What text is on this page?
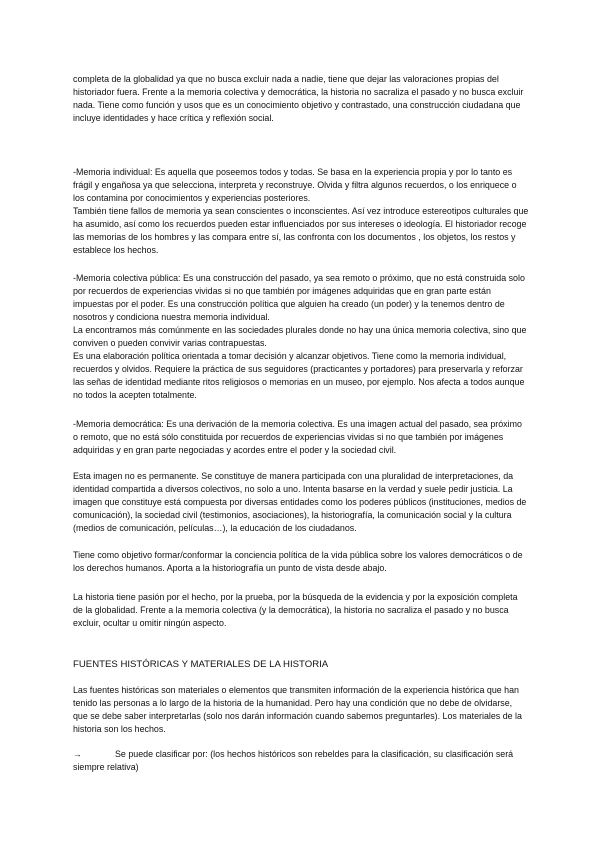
completa de la globalidad ya que no busca excluir nada a nadie, tiene que dejar las valoraciones propias del historiador fuera. Frente a la memoria colectiva y democrática, la historia no sacraliza el pasado y no busca excluir nada. Tiene como función y usos que es un conocimiento objetivo y contrastado, una construcción ciudadana que incluye identidades y hace crítica y reflexión social.

-Memoria individual: Es aquella que poseemos todos y todas. Se basa en la experiencia propia y por lo tanto es frágil y engañosa ya que selecciona, interpreta y reconstruye. Olvida y filtra algunos recuerdos, o los enriquece o los contamina por conocimientos y experiencias posteriores.

También tiene fallos de memoria ya sean conscientes o inconscientes. Así vez introduce estereotipos culturales que ha asumido, así como los recuerdos pueden estar influenciados por sus intereses o ideología. El historiador recoge las memorias de los hombres y las compara entre sí, las confronta con los documentos , los objetos, los restos y establece los hechos.

-Memoria colectiva pública: Es una construcción del pasado, ya sea remoto o próximo, que no está construida solo por recuerdos de experiencias vividas si no que también por imágenes adquiridas que en gran parte están impuestas por el poder. Es una construcción política que alguien ha creado (un poder) y la tenemos dentro de nosotros y condiciona nuestra memoria individual.

La encontramos más comúnmente en las sociedades plurales donde no hay una única memoria colectiva, sino que conviven o pueden convivir varias contrapuestas.

Es una elaboración política orientada a tomar decisión y alcanzar objetivos. Tiene como la memoria individual, recuerdos y olvidos. Requiere la práctica de sus seguidores (practicantes y portadores) para preservarla y reforzar las señas de identidad mediante ritos religiosos o memorias en un museo, por ejemplo. Nos afecta a todos aunque no todos la acepten totalmente.

-Memoria democrática: Es una derivación de la memoria colectiva. Es una imagen actual del pasado, sea próximo o remoto, que no está sólo constituida por recuerdos de experiencias vividas si no que también por imágenes adquiridas y en gran parte negociadas y acordes entre el poder y la sociedad civil.

Esta imagen no es permanente. Se constituye de manera participada con una pluralidad de interpretaciones, da identidad compartida a diversos colectivos, no solo a uno. Intenta basarse en la verdad y suele pedir justicia. La imagen que constituye está compuesta por diversas entidades como los poderes públicos (instituciones, medios de comunicación), la sociedad civil (testimonios, asociaciones), la historiografía, la comunicación social y la cultura (medios de comunicación, películas…), la educación de los ciudadanos.

Tiene como objetivo formar/conformar la conciencia política de la vida pública sobre los valores democráticos o de los derechos humanos. Aporta a la historiografía un punto de vista desde abajo.

La historia tiene pasión por el hecho, por la prueba, por la búsqueda de la evidencia y por la exposición completa de la globalidad. Frente a la memoria colectiva (y la democrática), la historia no sacraliza el pasado y no busca excluir, ocultar u omitir ningún aspecto.

FUENTES HISTÓRICAS Y MATERIALES DE LA HISTORIA

Las fuentes históricas son materiales o elementos que transmiten información de la experiencia histórica que han tenido las personas a lo largo de la historia de la humanidad. Pero hay una condición que no debe de olvidarse, que se debe saber interpretarlas (solo nos darán información cuando sabemos preguntarles). Los materiales de la historia son los hechos.

→	Se puede clasificar por: (los hechos históricos son rebeldes para la clasificación, su clasificación será siempre relativa)
